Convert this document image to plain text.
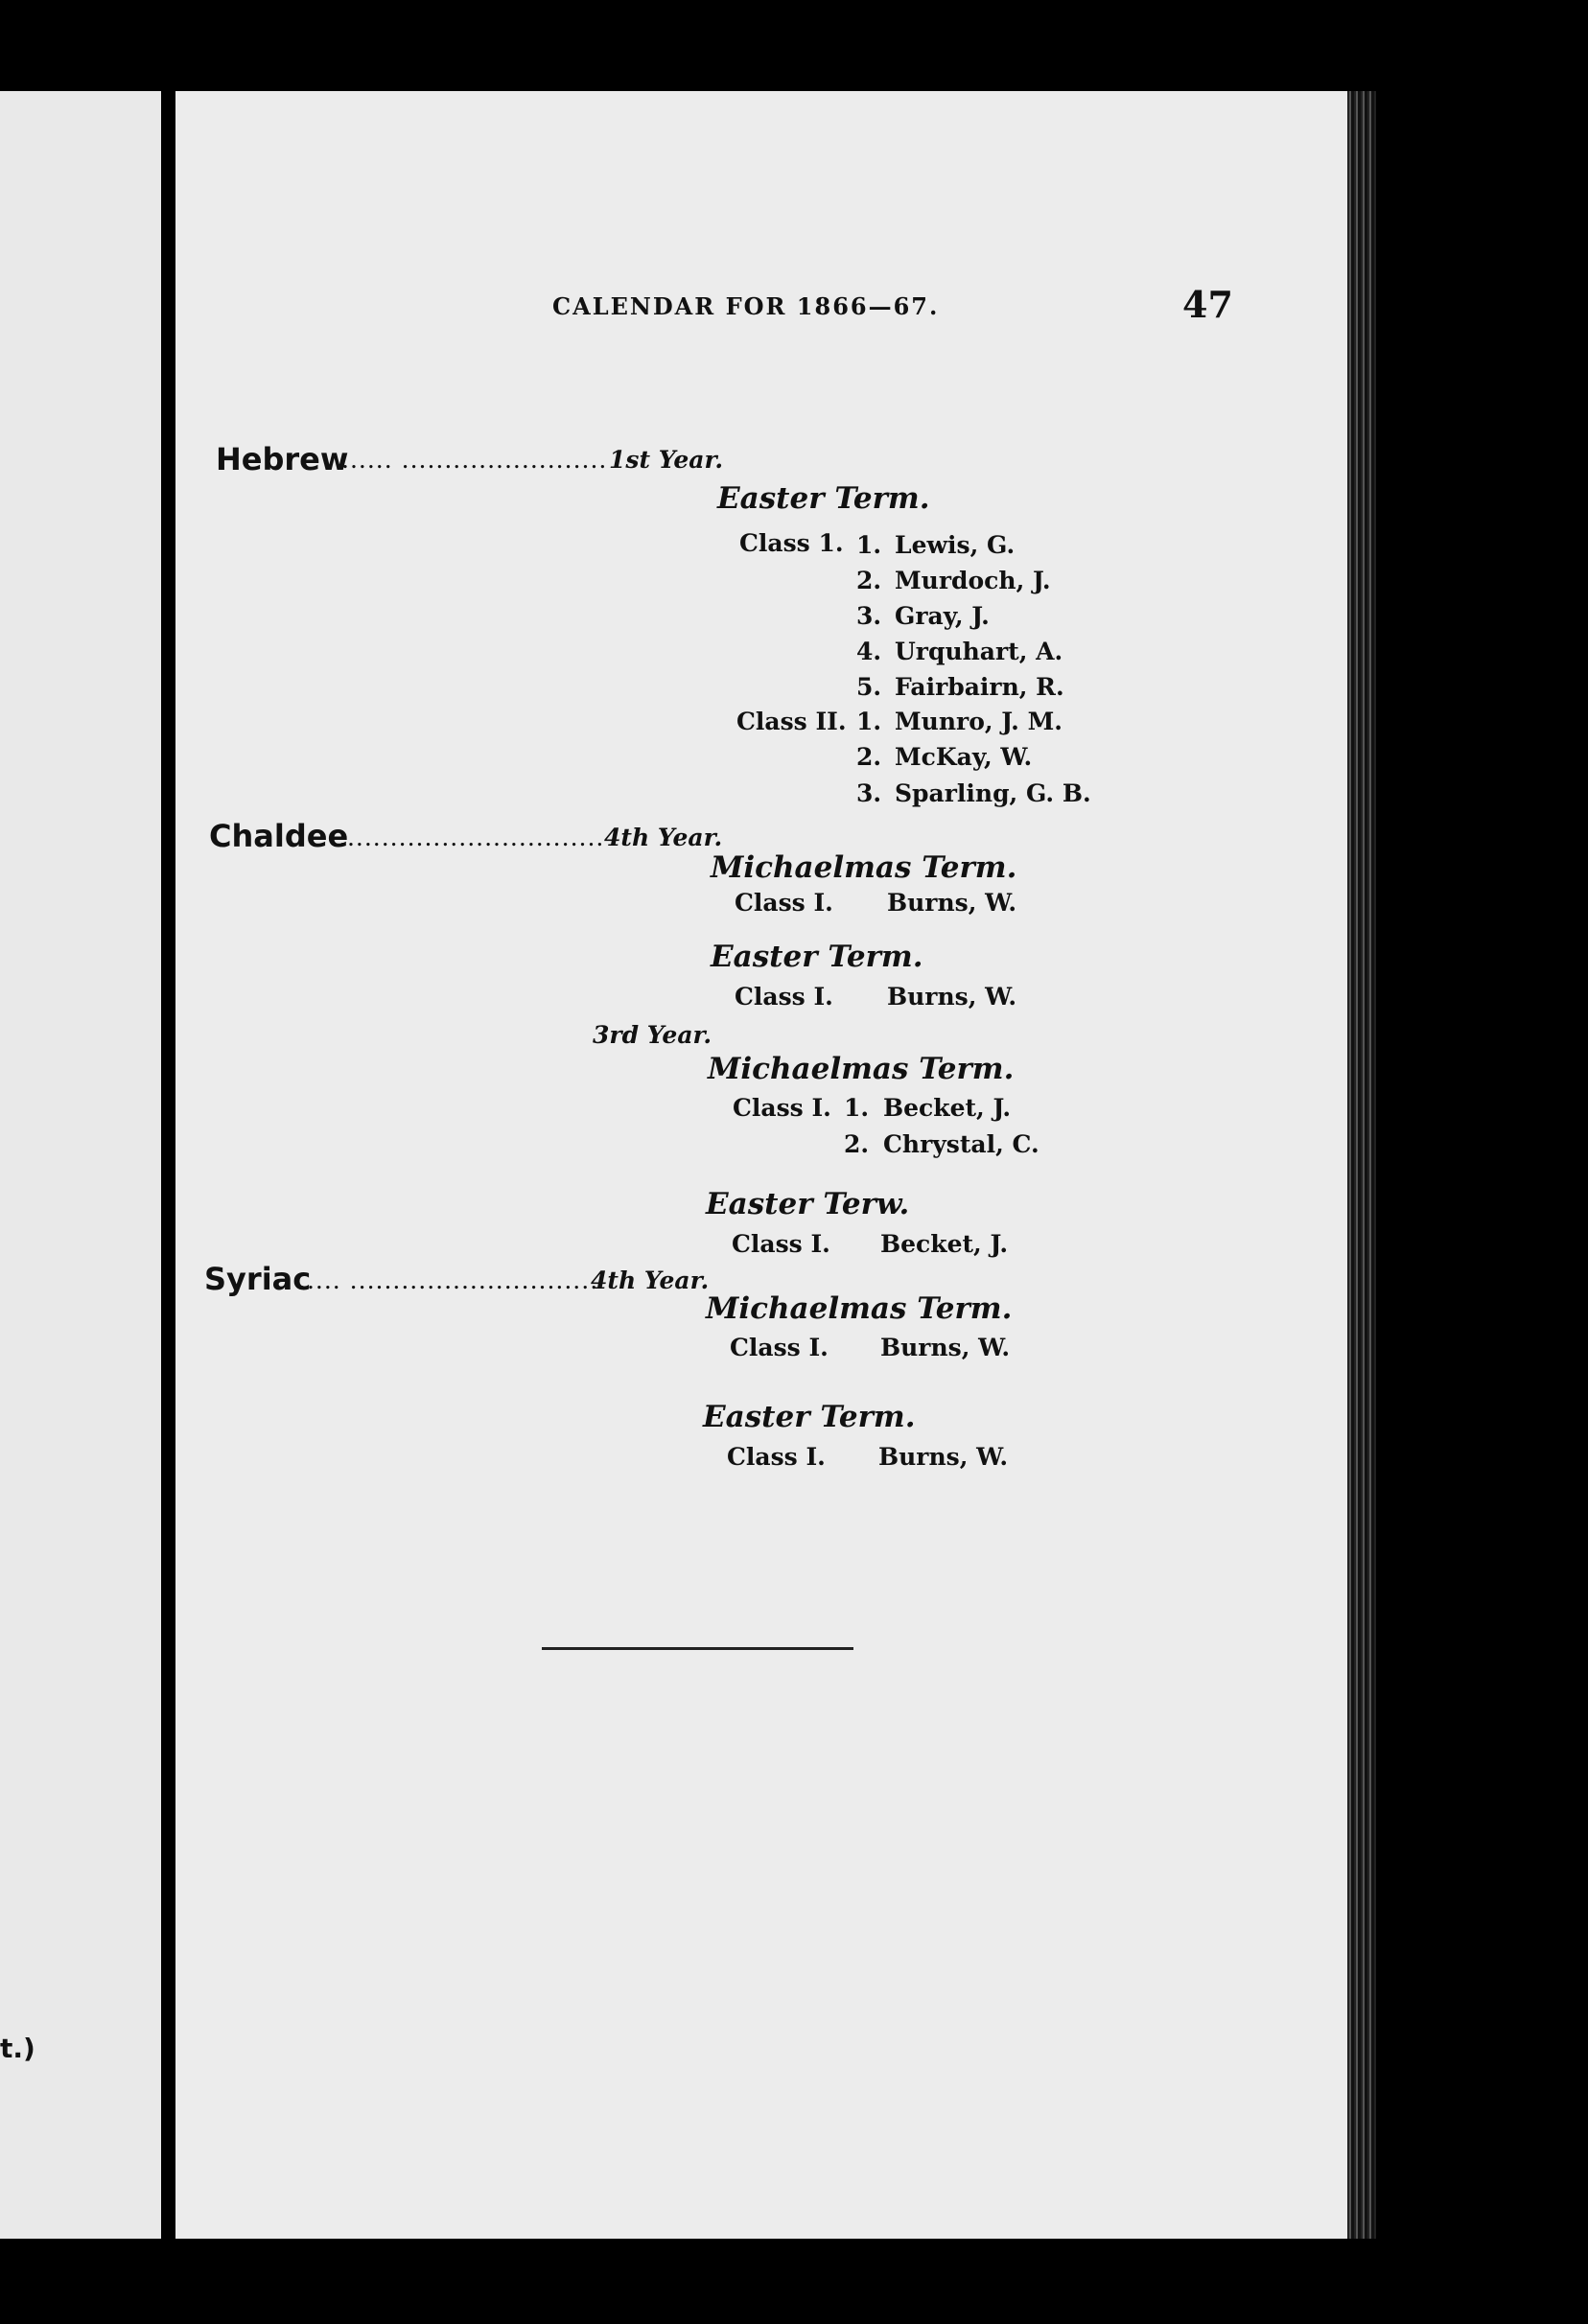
t.)
CALENDAR FOR 1866—67.	47
Hebrew
...... ........................ 1st Year.
Easter Term.
Class 1.
Class II.
1. Lewis, G.
2. Murdoch, J.
3. Gray, J.
4. Urquhart, A.
5. Fairbairn, R.
1. Munro, J. M.
2. McKay, W.
3. Sparling, G. B.
Chaldee
............................... 4th Year.
Michaelmas Term.
Class I. Burns, W.
Easter Term.
Class I. Burns, W.
3rd Year.
Michaelmas Term.
Class I. 1. Becket, J.
2. Chrystal, C.
Easter Terw.
Class I. Becket, J.
Syriac
..... .............................
4th Year.
Michaelmas Term.
Class I. Burns, W.
Easter Term.
Class I. Burns, W.
